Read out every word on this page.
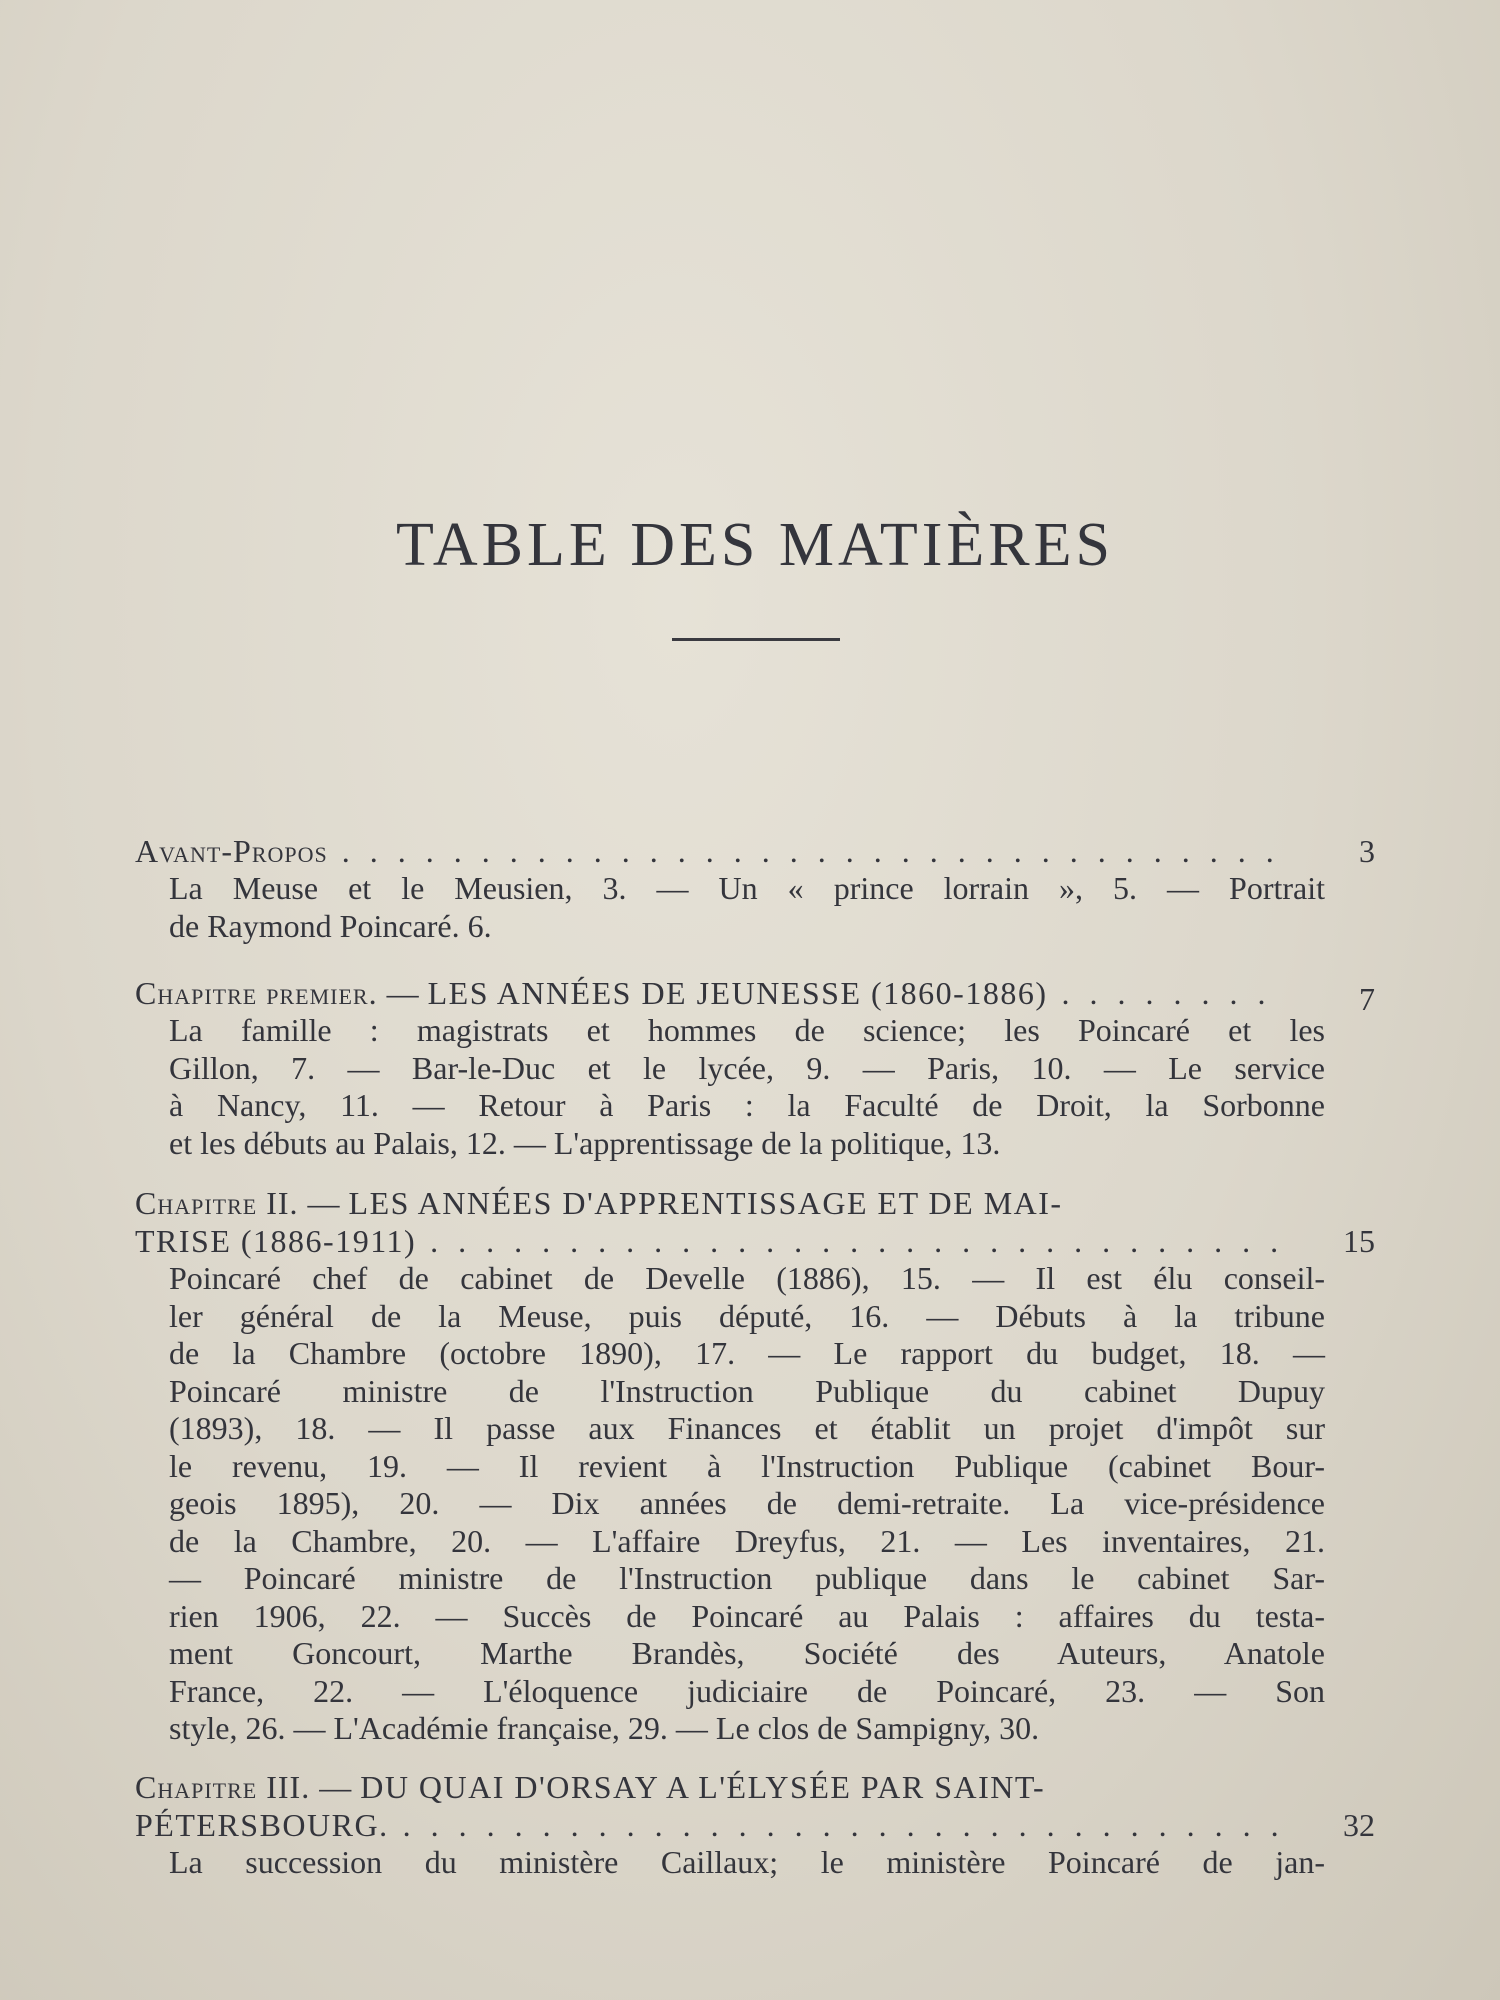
TABLE DES MATIÈRES
Avant-Propos . . .	3
La Meuse et le Meusien, 3. — Un « prince lorrain », 5. — Portrait
de Raymond Poincaré. 6.
Chapitre premier. — LES ANNÉES DE JEUNESSE (1860-1886) . . .	7
La famille : magistrats et hommes de science; les Poincaré et les
Gillon, 7. — Bar-le-Duc et le lycée, 9. — Paris, 10. — Le service
à Nancy, 11. — Retour à Paris : la Faculté de Droit, la Sorbonne
et les débuts au Palais, 12. — L'apprentissage de la politique, 13.
Chapitre II. — LES ANNÉES D'APPRENTISSAGE ET DE MAI-
TRISE (1886-1911) . . .	15
Poincaré chef de cabinet de Develle (1886), 15. — Il est élu conseil-
ler général de la Meuse, puis député, 16. — Débuts à la tribune
de la Chambre (octobre 1890), 17. — Le rapport du budget, 18. —
Poincaré ministre de l'Instruction Publique du cabinet Dupuy
(1893), 18. — Il passe aux Finances et établit un projet d'impôt sur
le revenu, 19. — Il revient à l'Instruction Publique (cabinet Bour-
geois 1895), 20. — Dix années de demi-retraite. La vice-présidence
de la Chambre, 20. — L'affaire Dreyfus, 21. — Les inventaires, 21.
— Poincaré ministre de l'Instruction publique dans le cabinet Sar-
rien 1906, 22. — Succès de Poincaré au Palais : affaires du testa-
ment Goncourt, Marthe Brandès, Société des Auteurs, Anatole
France, 22. — L'éloquence judiciaire de Poincaré, 23. — Son
style, 26. — L'Académie française, 29. — Le clos de Sampigny, 30.
Chapitre III. — DU QUAI D'ORSAY A L'ÉLYSÉE PAR SAINT-
PÉTERSBOURG. . . .	32
La succession du ministère Caillaux; le ministère Poincaré de jan-
